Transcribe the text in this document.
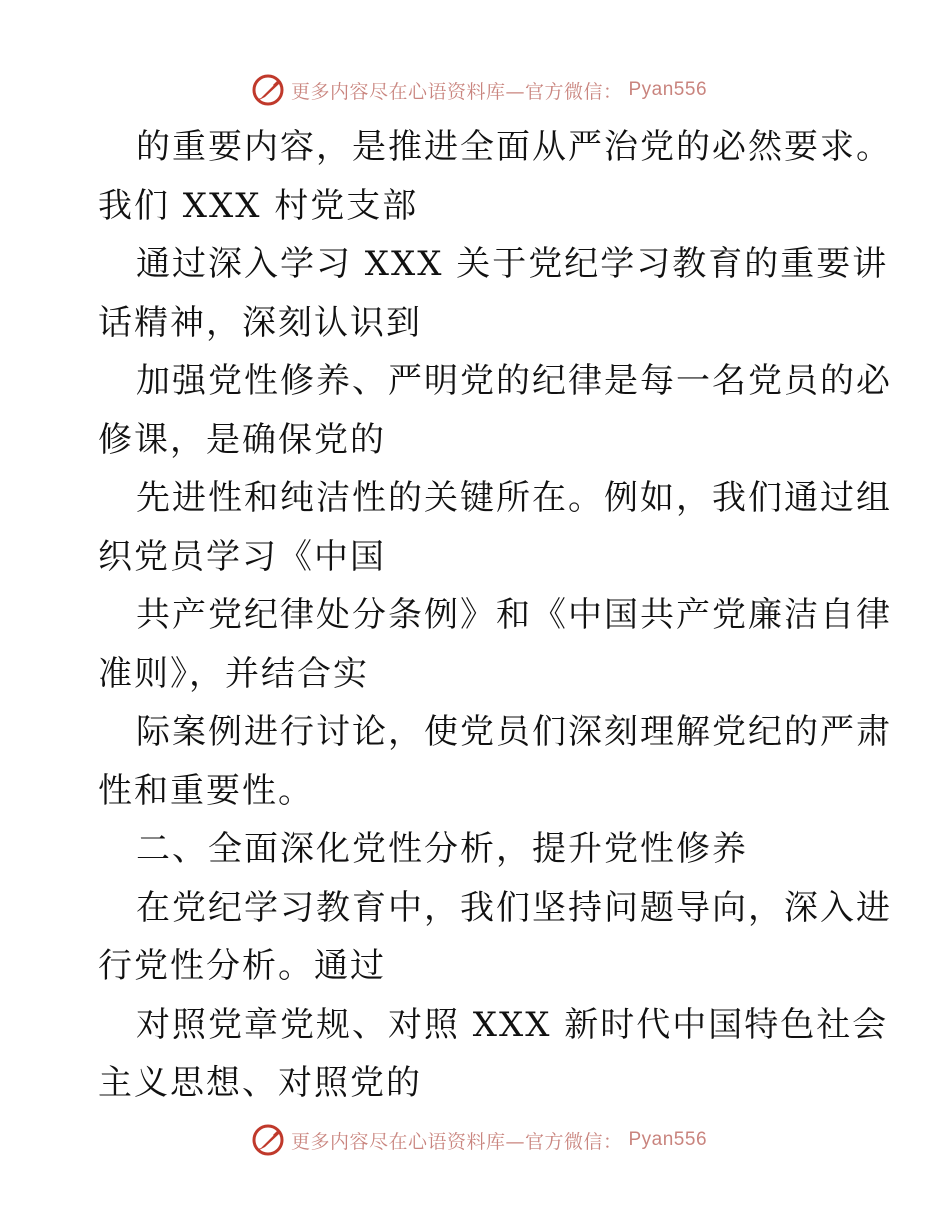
更多内容尽在心语资料库—官方微信： Pyan556
的重要内容，是推进全面从严治党的必然要求。
我们 XXX 村党支部
通过深入学习 XXX 关于党纪学习教育的重要讲
话精神，深刻认识到
加强党性修养、严明党的纪律是每一名党员的必
修课，是确保党的
先进性和纯洁性的关键所在。例如，我们通过组
织党员学习《中国
共产党纪律处分条例》和《中国共产党廉洁自律
准则》，并结合实
际案例进行讨论，使党员们深刻理解党纪的严肃
性和重要性。
二、全面深化党性分析，提升党性修养
在党纪学习教育中，我们坚持问题导向，深入进
行党性分析。通过
对照党章党规、对照 XXX 新时代中国特色社会
主义思想、对照党的
更多内容尽在心语资料库—官方微信： Pyan556
